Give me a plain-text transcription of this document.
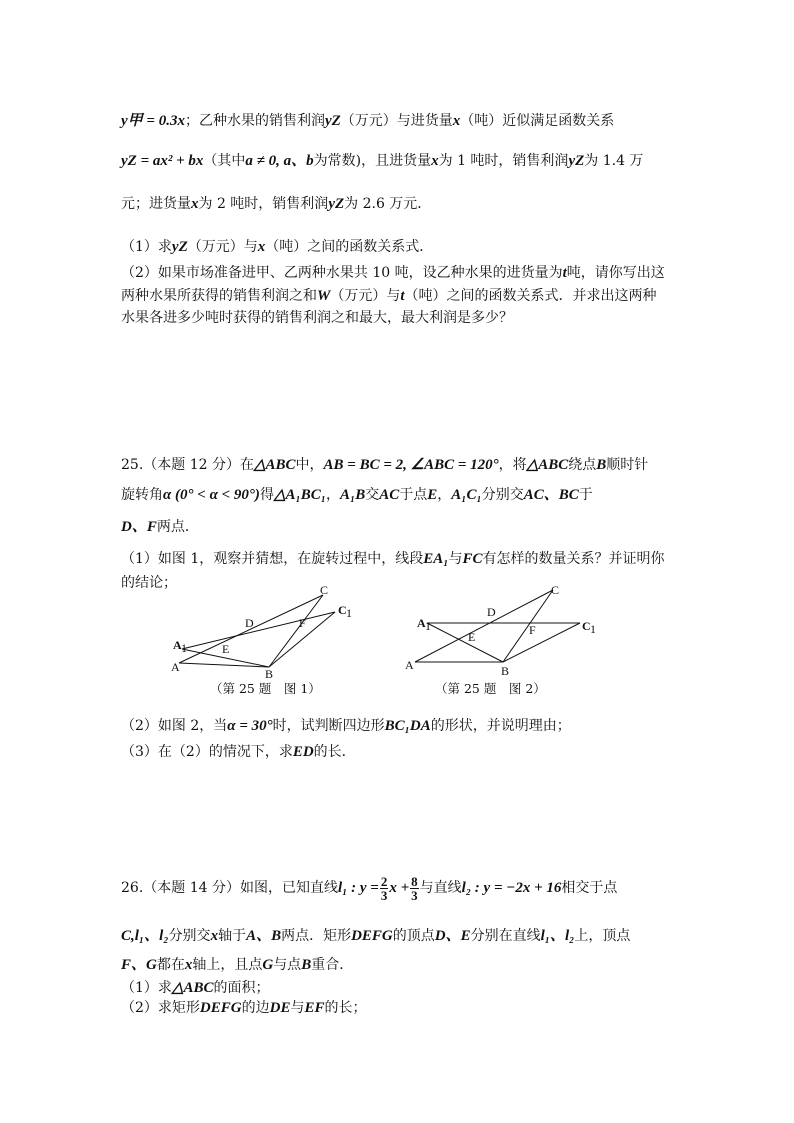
y甲 = 0.3x；乙种水果的销售利润yZ（万元）与进货量x（吨）近似满足函数关系
yZ = ax² + bx（其中a ≠ 0, a、b为常数)，且进货量x为 1 吨时，销售利润yZ为 1.4 万
元；进货量x为 2 吨时，销售利润yZ为 2.6 万元．
（1）求yZ（万元）与x（吨）之间的函数关系式．
（2）如果市场准备进甲、乙两种水果共 10 吨，设乙种水果的进货量为t吨，请你写出这
两种水果所获得的销售利润之和W（万元）与t（吨）之间的函数关系式．并求出这两种
水果各进多少吨时获得的销售利润之和最大，最大利润是多少？
25.（本题 12 分）在△ABC中，AB = BC = 2, ∠ABC = 120°，将△ABC绕点B顺时针
旋转角α (0° < α < 90°)得△A₁BC₁，A₁B交AC于点E，A₁C₁分别交AC、BC于
D、F两点．
（1）如图 1，观察并猜想，在旋转过程中，线段EA₁与FC有怎样的数量关系？并证明你
的结论；	C
C 1
D	F
A 1	E
A	B
（第 25 题　图 1）
C
D
A 1	C 1
F
E
A	B
（第 25 题　图 2）
（2）如图 2，当α = 30°时，试判断四边形BC₁DA的形状，并说明理由；
（3）在（2）的情况下，求ED的长．
26.（本题 14 分）如图，已知直线l₁ : $y = \frac{2}{3}$ $x + \frac{8}{3}$ 与直线l₂ : y = −2x + 16相交于点
C,l₁、l₂分别交x轴于A、B两点．矩形DEFG的顶点D、E分别在直线l₁、l₂上，顶点
F、G都在x轴上，且点G与点B重合．
（1）求△ABC的面积；
（2）求矩形DEFG的边DE与EF的长；
